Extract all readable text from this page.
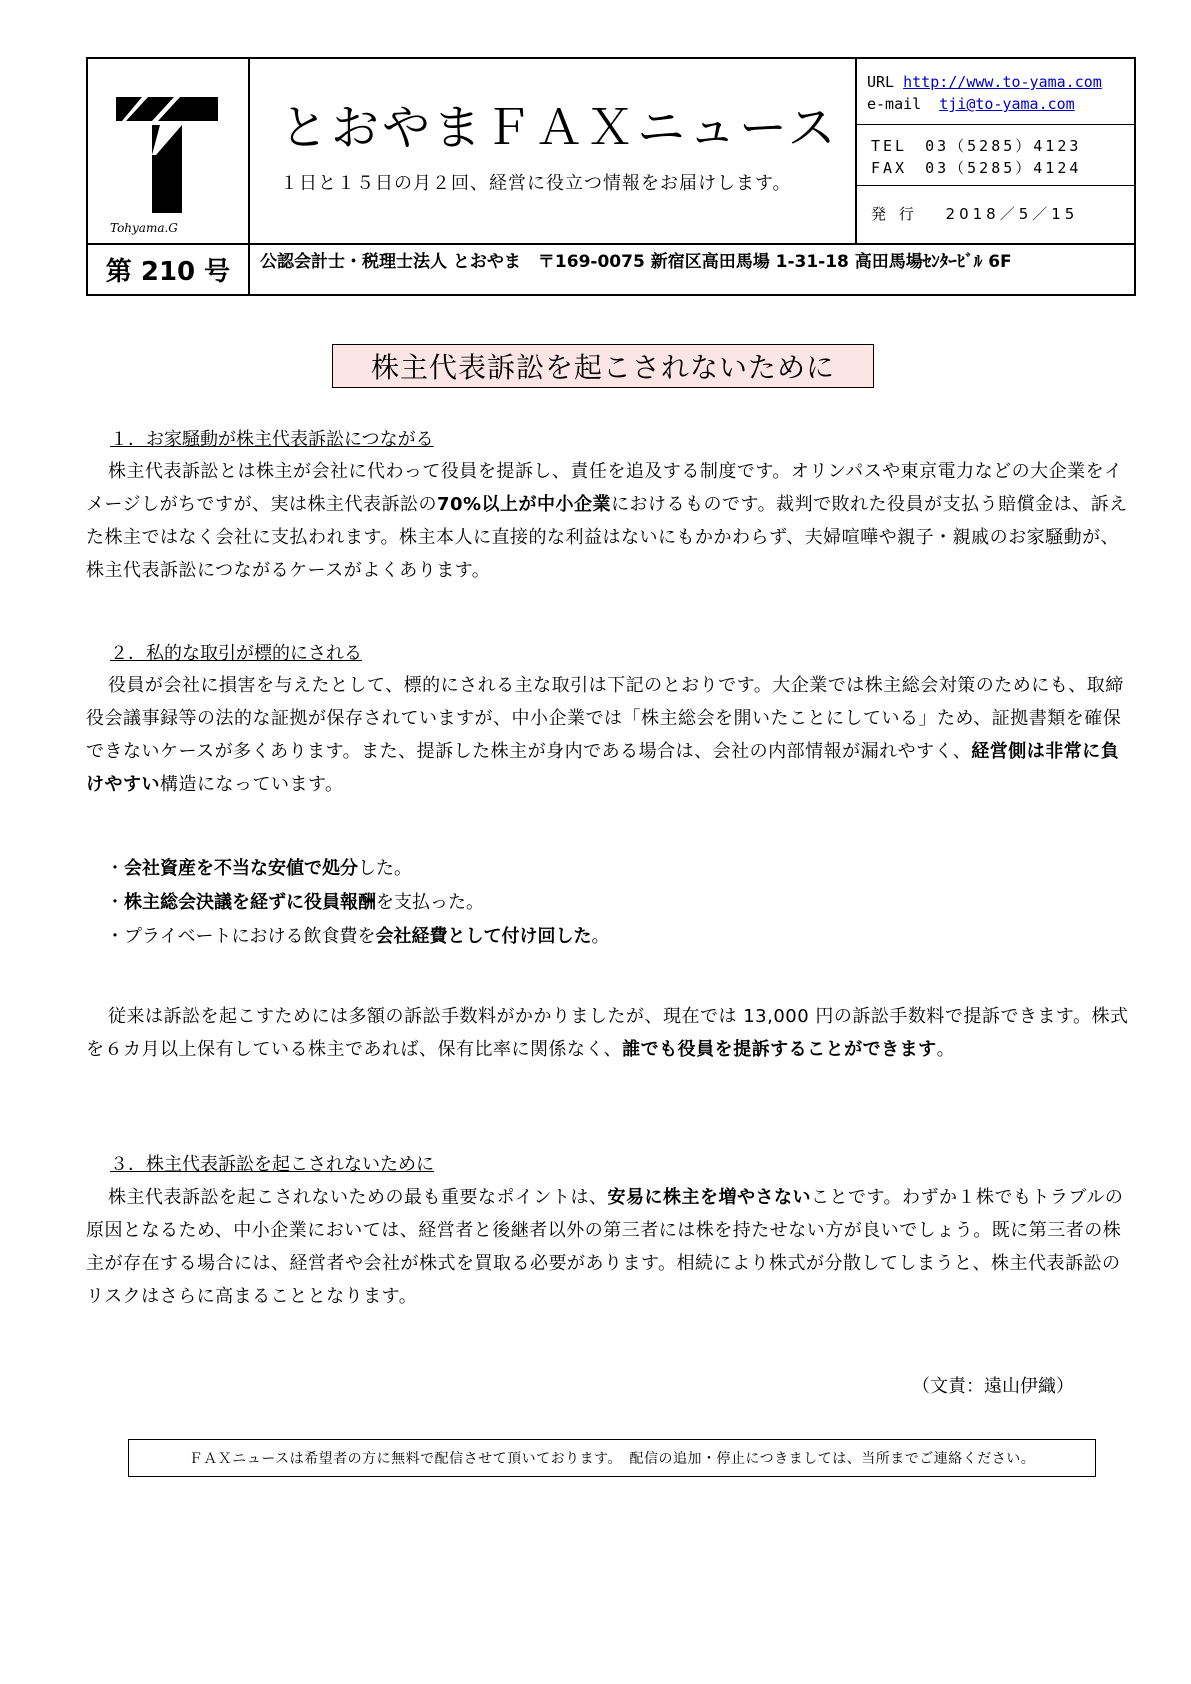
Tohyama.G
とおやまＦＡＸニュース
１日と１５日の月２回、経営に役立つ情報をお届けします。
URL http://www.to-yama.com
e-mail tji@to-yama.com
TEL　03（5285）4123
FAX　03（5285）4124
発 行　 2018／5／15
第 210 号	公認会計士・税理士法人 とおやま　〒169-0075 新宿区高田馬場 1-31-18 高田馬場ｾﾝﾀｰﾋﾞﾙ 6F
株主代表訴訟を起こされないために
１．お家騒動が株主代表訴訟につながる
株主代表訴訟とは株主が会社に代わって役員を提訴し、責任を追及する制度です。オリンパスや東京電力などの大企業をイメージしがちですが、実は株主代表訴訟の70%以上が中小企業におけるものです。裁判で敗れた役員が支払う賠償金は、訴えた株主ではなく会社に支払われます。株主本人に直接的な利益はないにもかかわらず、夫婦喧嘩や親子・親戚のお家騒動が、株主代表訴訟につながるケースがよくあります。
２．私的な取引が標的にされる
役員が会社に損害を与えたとして、標的にされる主な取引は下記のとおりです。大企業では株主総会対策のためにも、取締役会議事録等の法的な証拠が保存されていますが、中小企業では「株主総会を開いたことにしている」ため、証拠書類を確保できないケースが多くあります。また、提訴した株主が身内である場合は、会社の内部情報が漏れやすく、経営側は非常に負けやすい構造になっています。
・会社資産を不当な安値で処分した。
・株主総会決議を経ずに役員報酬を支払った。
・プライベートにおける飲食費を会社経費として付け回した。
従来は訴訟を起こすためには多額の訴訟手数料がかかりましたが、現在では 13,000 円の訴訟手数料で提訴できます。株式を６カ月以上保有している株主であれば、保有比率に関係なく、誰でも役員を提訴することができます。
３．株主代表訴訟を起こされないために
株主代表訴訟を起こされないための最も重要なポイントは、安易に株主を増やさないことです。わずか１株でもトラブルの原因となるため、中小企業においては、経営者と後継者以外の第三者には株を持たせない方が良いでしょう。既に第三者の株主が存在する場合には、経営者や会社が株式を買取る必要があります。相続により株式が分散してしまうと、株主代表訴訟のリスクはさらに高まることとなります。
（文責：遠山伊織）
ＦＡＸニュースは希望者の方に無料で配信させて頂いております。　配信の追加・停止につきましては、当所までご連絡ください。
